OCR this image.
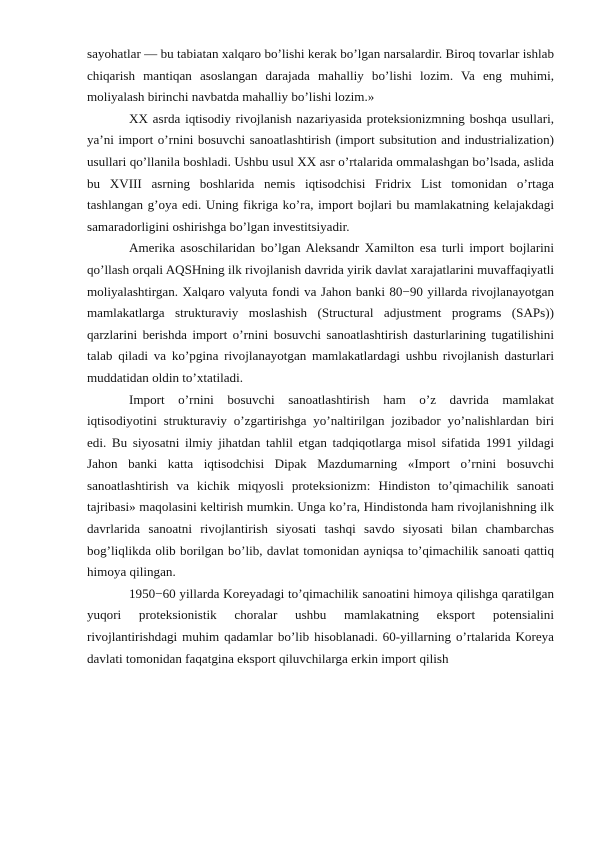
sayohatlar — bu tabiatan xalqaro bo’lishi kerak bo’lgan narsalardir. Biroq tovarlar ishlab chiqarish mantiqan asoslangan darajada mahalliy bo’lishi lozim. Va eng muhimi, moliyalash birinchi navbatda mahalliy bo’lishi lozim.»

XX asrda iqtisodiy rivojlanish nazariyasida proteksionizmning boshqa usullari, ya’ni import o’rnini bosuvchi sanoatlashtirish (import subsitution and industrialization) usullari qo’llanila boshladi. Ushbu usul XX asr o’rtalarida ommalashgan bo’lsada, aslida bu XVIII asrning boshlarida nemis iqtisodchisi Fridrix List tomonidan o’rtaga tashlangan g’oya edi. Uning fikriga ko’ra, import bojlari bu mamlakatning kelajakdagi samaradorligini oshirishga bo’lgan investitsiyadir.

Amerika asoschilaridan bo’lgan Aleksandr Xamilton esa turli import bojlarini qo’llash orqali AQSHning ilk rivojlanish davrida yirik davlat xarajatlarini muvaffaqiyatli moliyalashtirgan. Xalqaro valyuta fondi va Jahon banki 80−90 yillarda rivojlanayotgan mamlakatlarga strukturaviy moslashish (Structural adjustment programs (SAPs)) qarzlarini berishda import o’rnini bosuvchi sanoatlashtirish dasturlarining tugatilishini talab qiladi va ko’pgina rivojlanayotgan mamlakatlardagi ushbu rivojlanish dasturlari muddatidan oldin to’xtatiladi.

Import o’rnini bosuvchi sanoatlashtirish ham o’z davrida mamlakat iqtisodiyotini strukturaviy o’zgartirishga yo’naltirilgan jozibador yo’nalishlardan biri edi. Bu siyosatni ilmiy jihatdan tahlil etgan tadqiqotlarga misol sifatida 1991 yildagi Jahon banki katta iqtisodchisi Dipak Mazdumarning «Import o’rnini bosuvchi sanoatlashtirish va kichik miqyosli proteksionizm: Hindiston to’qimachilik sanoati tajribasi» maqolasini keltirish mumkin. Unga ko’ra, Hindistonda ham rivojlanishning ilk davrlarida sanoatni rivojlantirish siyosati tashqi savdo siyosati bilan chambarchas bog’liqlikda olib borilgan bo’lib, davlat tomonidan ayniqsa to’qimachilik sanoati qattiq himoya qilingan.

1950−60 yillarda Koreyadagi to’qimachilik sanoatini himoya qilishga qaratilgan yuqori proteksionistik choralar ushbu mamlakatning eksport potensialini rivojlantirishdagi muhim qadamlar bo’lib hisoblanadi. 60-yillarning o’rtalarida Koreya davlati tomonidan faqatgina eksport qiluvchilarga erkin import qilish
